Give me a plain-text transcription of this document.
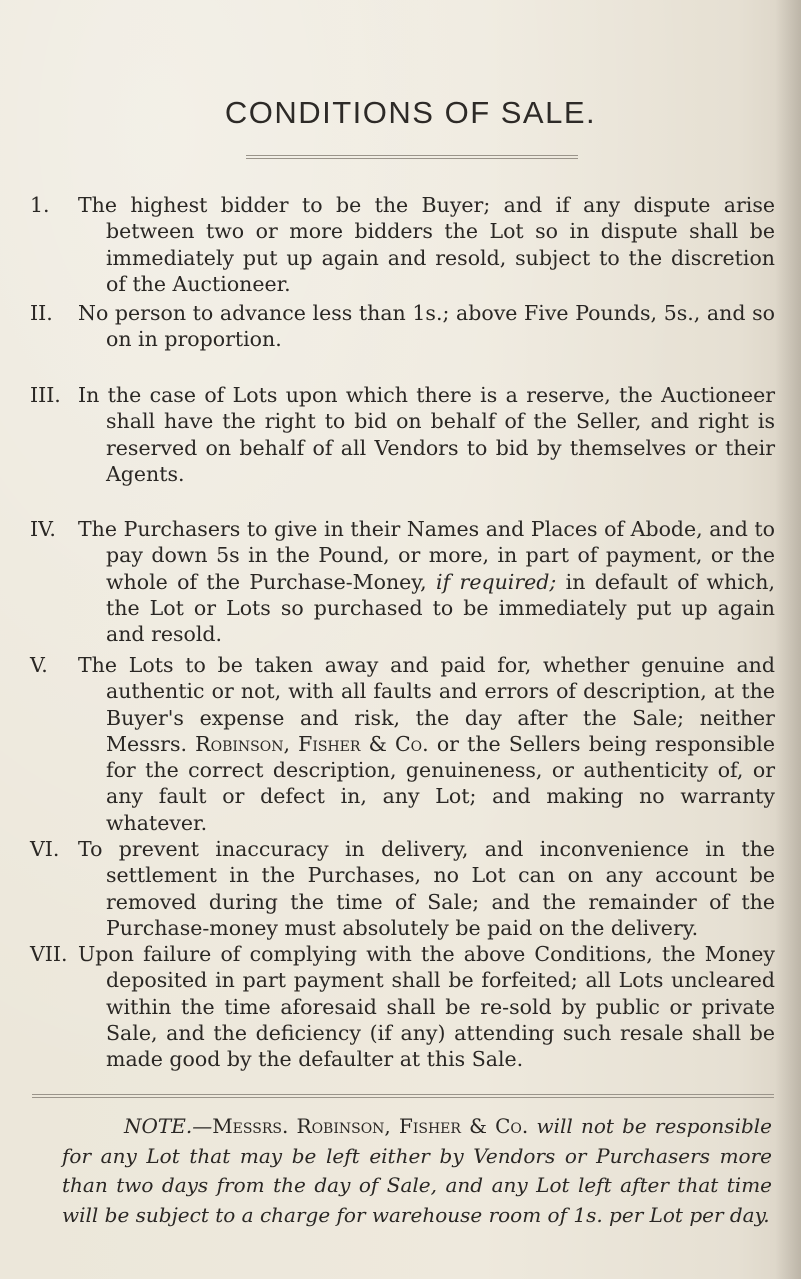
CONDITIONS OF SALE.
1.	The highest bidder to be the Buyer; and if any dispute arise between two or more bidders the Lot so in dispute shall be immediately put up again and resold, subject to the discretion of the Auctioneer.
II.	No person to advance less than 1s.; above Five Pounds, 5s., and so on in proportion.
III. In the case of Lots upon which there is a reserve, the Auctioneer shall have the right to bid on behalf of the Seller, and right is reserved on behalf of all Vendors to bid by themselves or their Agents.
IV.	The Purchasers to give in their Names and Places of Abode, and to pay down 5s in the Pound, or more, in part of payment, or the whole of the Purchase-Money, if required; in default of which, the Lot or Lots so purchased to be immediately put up again and resold.
V.	The Lots to be taken away and paid for, whether genuine and authentic or not, with all faults and errors of description, at the Buyer's expense and risk, the day after the Sale; neither Messrs. Robinson, Fisher & Co. or the Sellers being responsible for the correct description, genuineness, or authenticity of, or any fault or defect in, any Lot; and making no warranty whatever.
VI. To prevent inaccuracy in delivery, and inconvenience in the settlement in the Purchases, no Lot can on any account be removed during the time of Sale; and the remainder of the Purchase-money must absolutely be paid on the delivery.
VII. Upon failure of complying with the above Conditions, the Money deposited in part payment shall be forfeited; all Lots uncleared within the time aforesaid shall be re-sold by public or private Sale, and the deficiency (if any) attending such resale shall be made good by the defaulter at this Sale.
NOTE.—Messrs. Robinson, Fisher & Co. will not be responsible for any Lot that may be left either by Vendors or Purchasers more than two days from the day of Sale, and any Lot left after that time will be subject to a charge for warehouse room of 1s. per Lot per day.
